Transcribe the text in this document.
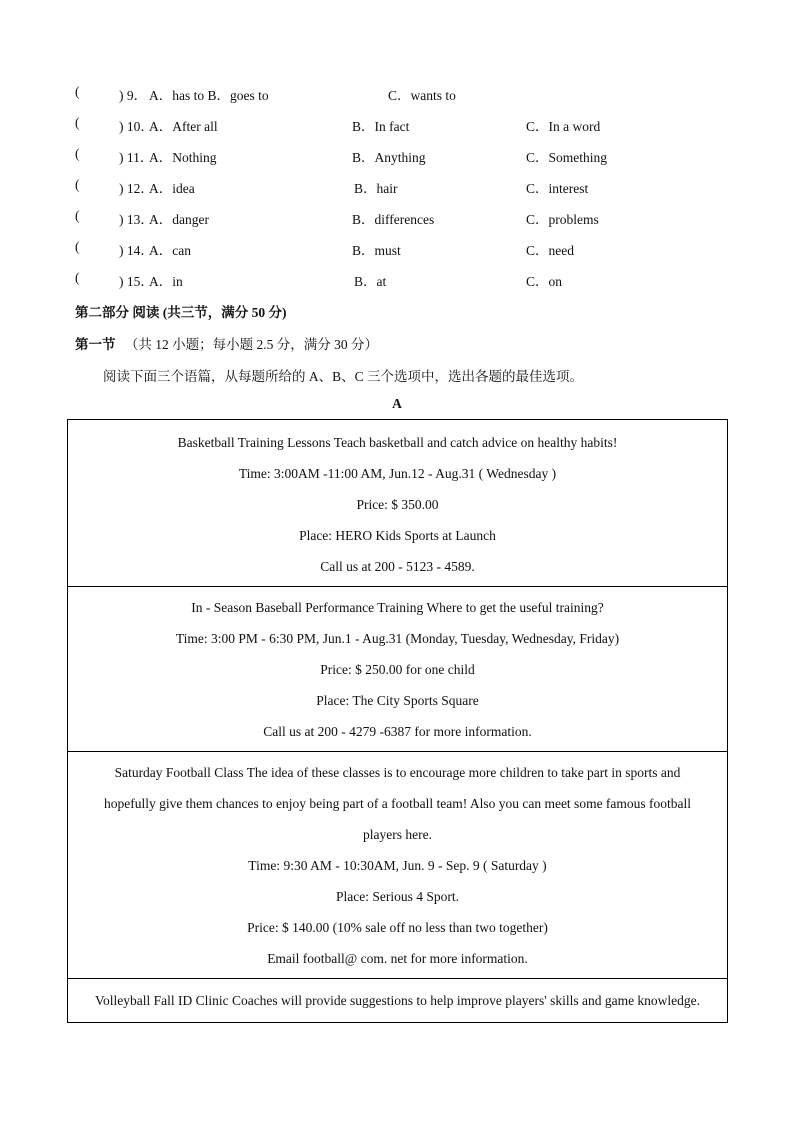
(	) 9． A．has to B．goes to	C．wants to
(	) 10．
A．After all	B．In fact	C．In a word
(	) 11．
A．Nothing	B．Anything	C．Something
(	) 12．
A．idea	B．hair	C．interest
(	) 13．
A．danger	B．differences	C．problems
(	) 14．
A．can	B．must	C．need
(	) 15．
A．in	B．at	C．on
第二部分 阅读 (共三节，满分 50 分)
第一节 （共 12 小题；每小题 2.5 分，满分 30 分）
阅读下面三个语篇，从每题所给的 A、B、C 三个选项中，选出各题的最佳选项。
A
Basketball Training Lessons Teach basketball and catch advice on healthy habits!
Time: 3:00AM -11:00 AM, Jun.12 - Aug.31 ( Wednesday )
Price: $ 350.00
Place: HERO Kids Sports at Launch
Call us at 200 - 5123 - 4589.
In - Season Baseball Performance Training Where to get the useful training?
Time: 3:00 PM - 6:30 PM, Jun.1 - Aug.31 (Monday, Tuesday, Wednesday, Friday)
Price: $ 250.00 for one child
Place: The City Sports Square
Call us at 200 - 4279 -6387 for more information.
Saturday Football Class The idea of these classes is to encourage more children to take part in sports and
hopefully give them chances to enjoy being part of a football team! Also you can meet some famous football
players here.
Time: 9:30 AM - 10:30AM, Jun. 9 - Sep. 9 ( Saturday )
Place: Serious 4 Sport.
Price: $ 140.00 (10% sale off no less than two together)
Email football@ com. net for more information.
Volleyball Fall ID Clinic Coaches will provide suggestions to help improve players' skills and game knowledge.
